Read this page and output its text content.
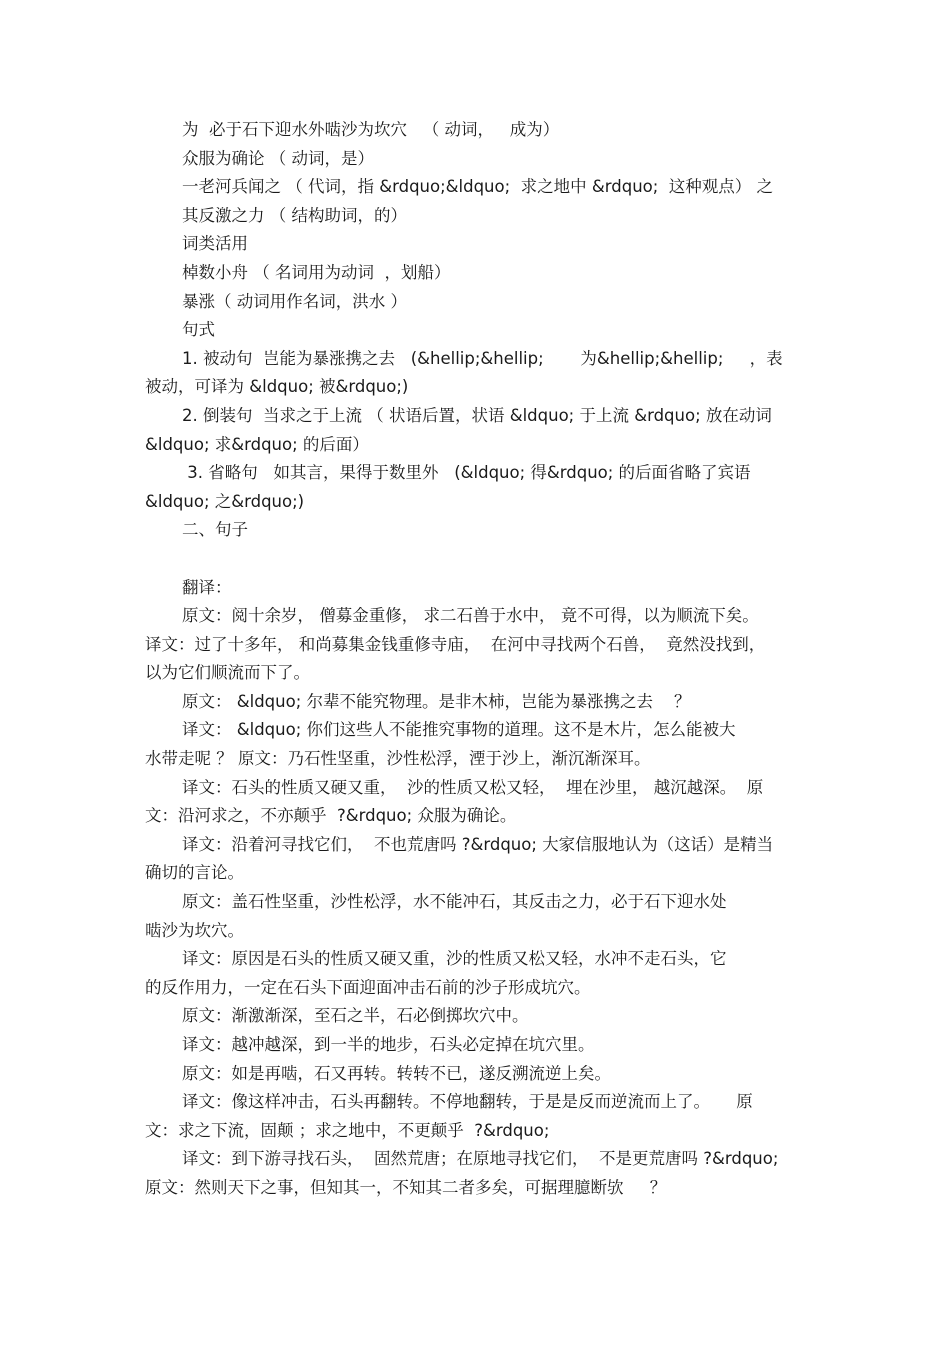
为  必于石下迎水外啮沙为坎穴   （ 动词，   成为）
众服为确论 （ 动词，是）
一老河兵闻之 （ 代词，指 &rdquo;&ldquo;  求之地中 &rdquo;  这种观点） 之
其反激之力 （ 结构助词，的）
词类活用
棹数小舟 （ 名词用为动词  ，划船）
暴涨（ 动词用作名词，洪水 ）
句式
1. 被动句  岂能为暴涨携之去   (&hellip;&hellip;       为&hellip;&hellip;     ，表
被动，可译为 &ldquo; 被&rdquo;)
2. 倒装句  当求之于上流 （ 状语后置，状语 &ldquo; 于上流 &rdquo; 放在动词
&ldquo; 求&rdquo; 的后面）
3. 省略句   如其言，果得于数里外   (&ldquo; 得&rdquo; 的后面省略了宾语
&ldquo; 之&rdquo;)
二、句子
翻译：
原文：阅十余岁， 僧募金重修， 求二石兽于水中， 竟不可得，以为顺流下矣。
译文：过了十多年， 和尚募集金钱重修寺庙，  在河中寻找两个石兽，  竟然没找到，
以为它们顺流而下了。
原文： &ldquo; 尔辈不能究物理。是非木柿，岂能为暴涨携之去    ？
译文： &ldquo; 你们这些人不能推究事物的道理。这不是木片，怎么能被大
水带走呢 ？ 原文：乃石性坚重，沙性松浮，湮于沙上，渐沉渐深耳。
译文：石头的性质又硬又重，  沙的性质又松又轻，  埋在沙里， 越沉越深。  原
文：沿河求之，不亦颠乎  ?&rdquo; 众服为确论。
译文：沿着河寻找它们，  不也荒唐吗 ?&rdquo; 大家信服地认为（这话）是精当
确切的言论。
原文：盖石性坚重，沙性松浮，水不能冲石，其反击之力，必于石下迎水处
啮沙为坎穴。
译文：原因是石头的性质又硬又重，沙的性质又松又轻，水冲不走石头，它
的反作用力，一定在石头下面迎面冲击石前的沙子形成坑穴。
原文：渐激渐深，至石之半，石必倒掷坎穴中。
译文：越冲越深，到一半的地步，石头必定掉在坑穴里。
原文：如是再啮，石又再转。转转不已，遂反溯流逆上矣。
译文：像这样冲击，石头再翻转。不停地翻转，于是是反而逆流而上了。     原
文：求之下流，固颠 ；求之地中，不更颠乎  ?&rdquo;
译文：到下游寻找石头，  固然荒唐；在原地寻找它们，  不是更荒唐吗 ?&rdquo;
原文：然则天下之事，但知其一，不知其二者多矣，可据理臆断欤     ？
